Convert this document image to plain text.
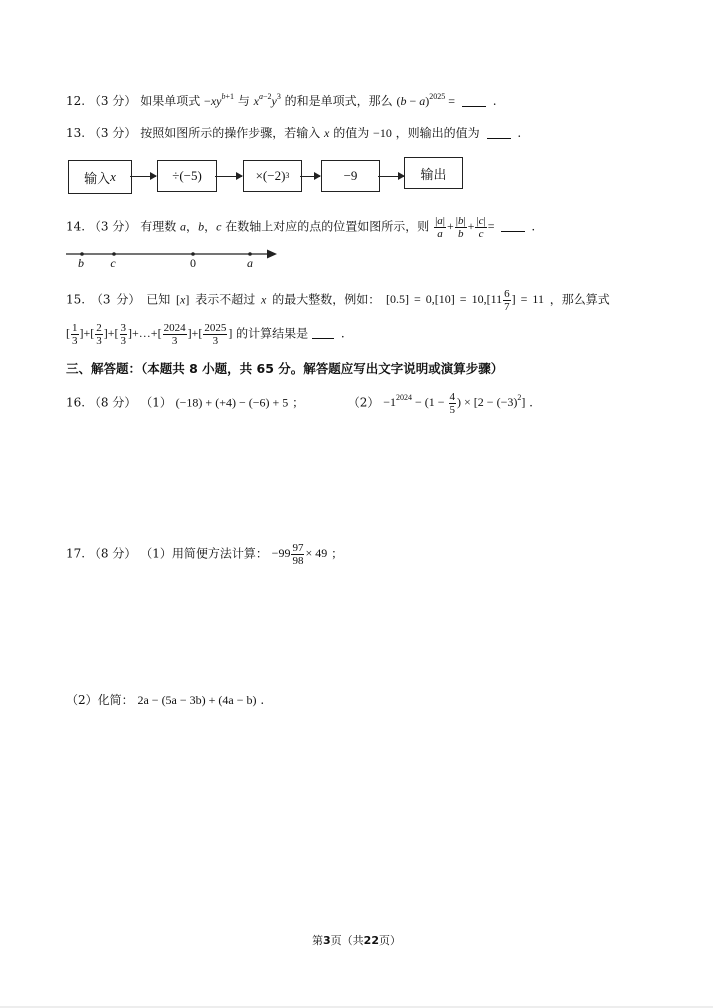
12. （3 分） 如果单项式 $-xy^{b+1}$ 与 $x^{a-2}y^3$ 的和是单项式，那么 $(b - a)^{2025}$ =	.
13. （3 分） 按照如图所示的操作步骤，若输入 x 的值为 −10 ，则输出的值为	.
输入 x	÷(−5)	×(−2) 3	−9	输出
14. （3 分） 有理数 a，b，c 在数轴上对应的点的位置如图所示，则 $\frac{|a|}{a} + \frac{|b|}{b} + \frac{|c|}{c}$ =	.
b c	0	a
15. （3 分） 已知 [x] 表示不超过 x 的最大整数，例如： $[0.5] = 0,[10] = 10,[11 \frac{6}{7}$ ] = 11 ，那么算式
[ $\frac{1}{3}$ ]+[ $\frac{2}{3}$ ]+[ $\frac{3}{3}$ ]+…+[ $\frac{2024}{3}$ ]+[ $\frac{2025}{3}$ ] 的计算结果是	.
三、解答题：（本题共 8 小题，共 65 分。解答题应写出文字说明或演算步骤）
16. （8 分） （1） (−18) + (+4) − (−6) + 5 ；	$(2) -1^{2024} - (1 - \frac{4}{5}$ ) × $[2 - (-3)^2]$ .
17. （8 分） （1）用简便方法计算： $-99 \frac{97}{98} \times 49$ ；
（2）化简： 2a − (5a − 3b) + (4a − b) .
第3页（共22页）
